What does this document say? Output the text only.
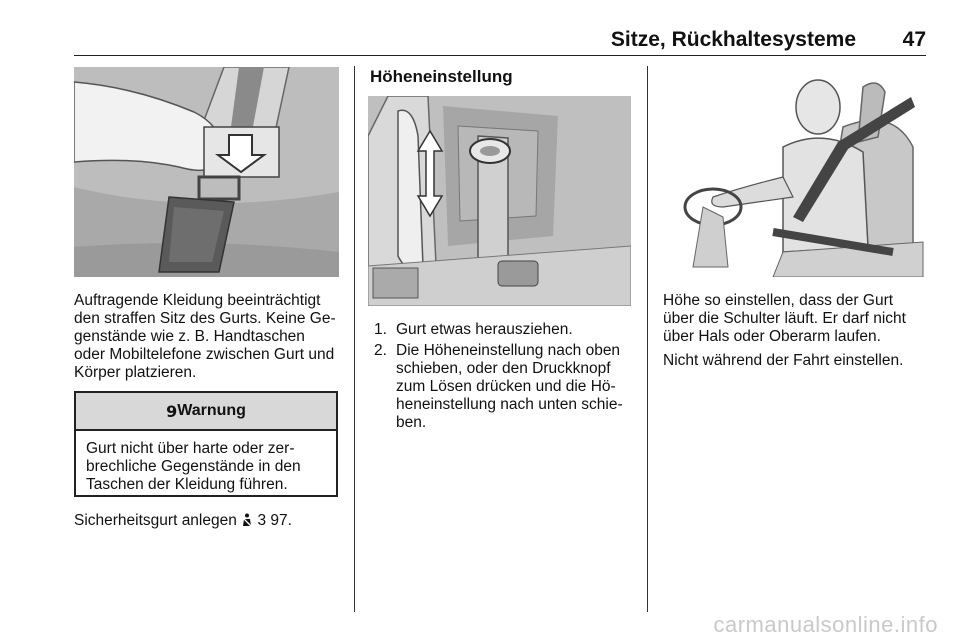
Sitze, Rückhaltesysteme 47

Auftragende Kleidung beeinträchtigt den straffen Sitz des Gurts. Keine Ge-genstände wie z. B. Handtaschen oder Mobiltelefone zwischen Gurt und Körper platzieren.

9 Warnung
Gurt nicht über harte oder zer-brechliche Gegenstände in den Taschen der Kleidung führen.
Sicherheitsgurt anlegen 3 97.
Höheneinstellung
1. Gurt etwas herausziehen.
2. Die Höheneinstellung nach oben schieben, oder den Druckknopf zum Lösen drücken und die Hö-heneinstellung nach unten schie-ben.

Höhe so einstellen, dass der Gurt über die Schulter läuft. Er darf nicht über Hals oder Oberarm laufen.

Nicht während der Fahrt einstellen.

carmanualsonline.info
